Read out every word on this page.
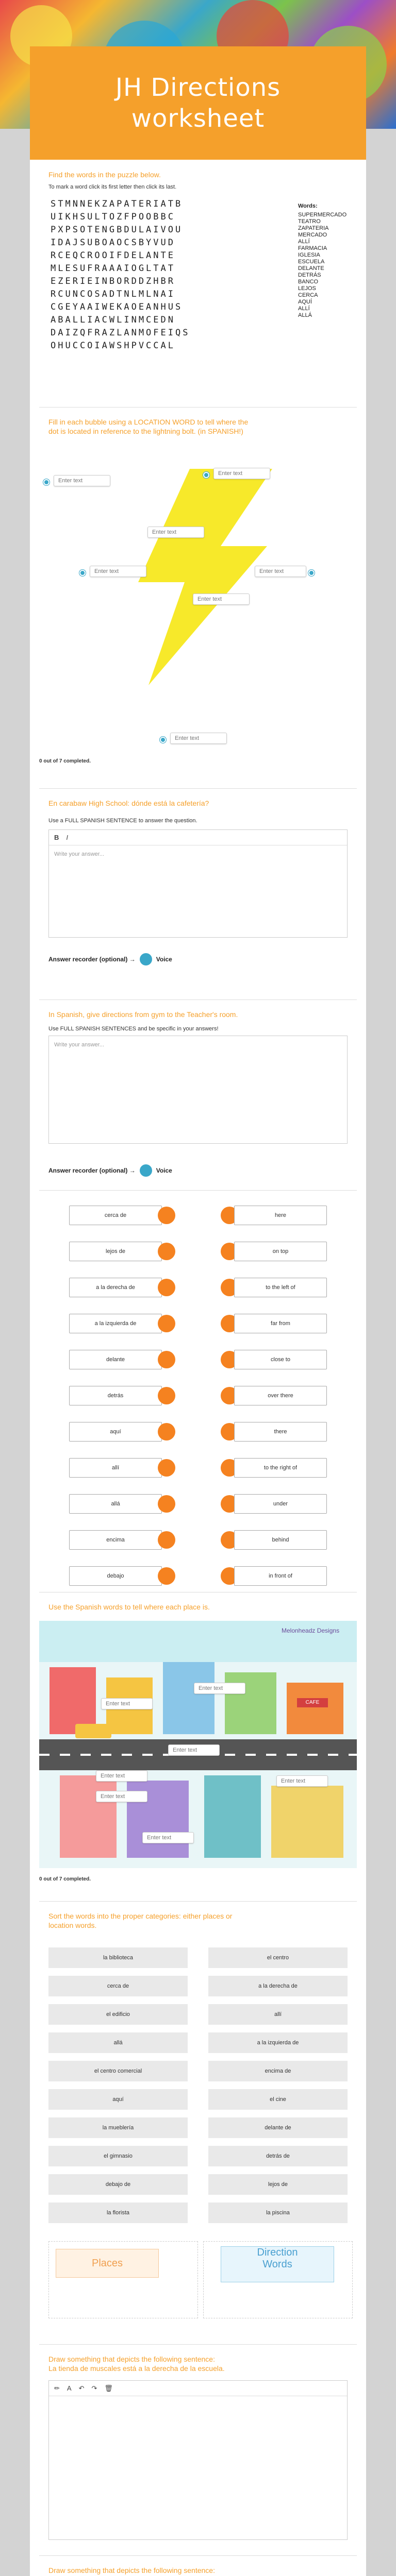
JH Directions
worksheet
Find the words in the puzzle below.
To mark a word click its first letter then click its last.
STMNNEKZAPATERIATB
UIKHSULTOZFPOOBBC
PXPSOTENGBDULAIVOU
IDAJSUBOAOCSBYVUD
RCEQCROOIFDELANTE
MLESUFRAAAIOGLTAT
EZERIEINBORDDZHBR
RCUNCOSADTNLMLNAI
CGEYAAIWEKAOEANHUS
ABALLIACWLINMCEDN
DAIZQFRAZLANMOFEIQS
OHUCCOIAWSHPVCCAL
Words:
SUPERMERCADO
TEATRO
ZAPATERIA
MERCADO
ALLÍ
FARMACIA
IGLESIA
ESCUELA
DELANTE
DETRÁS
BANCO
LEJOS
CERCA
AQUÍ
ALLÍ
ALLÁ
Fill in each bubble using a LOCATION WORD to tell where the
dot is located in reference to the lightning bolt. (in SPANISH!)
Enter text
Enter text
Enter text
Enter text	Enter text
Enter text
Enter text
0 out of 7 completed.
En carabaw High School: dónde está la cafetería?
Use a FULL SPANISH SENTENCE to answer the question.
B I
Write your answer...
Answer recorder (optional) →	Voice
In Spanish, give directions from gym to the Teacher's room.
Use FULL SPANISH SENTENCES and be specific in your answers!
Write your answer...
Answer recorder (optional) →	Voice
cerca de	here
lejos de	on top
a la derecha de	to the left of
a la izquierda de	far from
delante	close to
detrás	over there
aquí	there
allí	to the right of
allá	under
encima	behind
debajo	in front of
Use the Spanish words to tell where each place is.
Melonheadz Designs
CAFE
Enter text
Enter text
Enter text
Enter text
Enter text
Enter text
Enter text
0 out of 7 completed.
Sort the words into the proper categories: either places or
location words.
la biblioteca	el centro
cerca de	a la derecha de
el edificio	allí
allá	a la izquierda de
el centro comercial	encima de
aquí	el cine
la mueblería	delante de
el gimnasio	detrás de
debajo de	lejos de
la florista	la piscina
Places
Direction
Words
Draw something that depicts the following sentence:
La tienda de muscales está a la derecha de la escuela.
✏ A ↶ ↷ 🗑
Draw something that depicts the following sentence:
